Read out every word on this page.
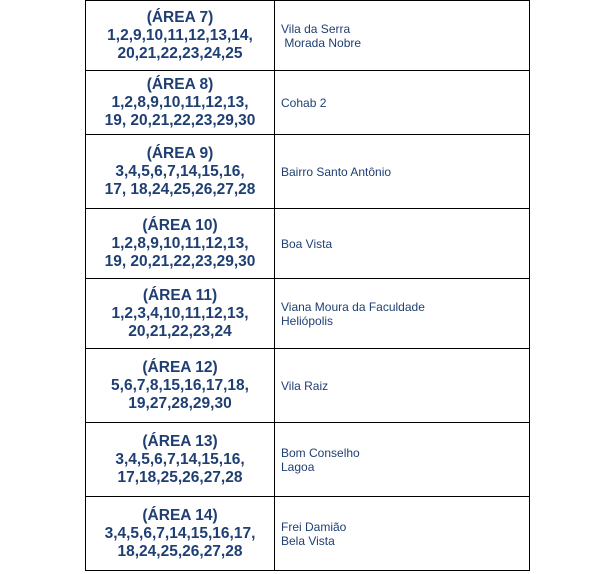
(ÁREA 7)
1,2,9,10,11,12,13,14,
20,21,22,23,24,25	Vila da Serra
Morada Nobre

(ÁREA 8)
1,2,8,9,10,11,12,13,
19, 20,21,22,23,29,30	Cohab 2

(ÁREA 9)
3,4,5,6,7,14,15,16,
17, 18,24,25,26,27,28	Bairro Santo Antônio

(ÁREA 10)
1,2,8,9,10,11,12,13,
19, 20,21,22,23,29,30	Boa Vista

(ÁREA 11)
1,2,3,4,10,11,12,13,
20,21,22,23,24	Viana Moura da Faculdade
Heliópolis

(ÁREA 12)
5,6,7,8,15,16,17,18,
19,27,28,29,30	Vila Raiz

(ÁREA 13)
3,4,5,6,7,14,15,16,
17,18,25,26,27,28	Bom Conselho
Lagoa

(ÁREA 14)
3,4,5,6,7,14,15,16,17,
18,24,25,26,27,28	Frei Damião
Bela Vista
